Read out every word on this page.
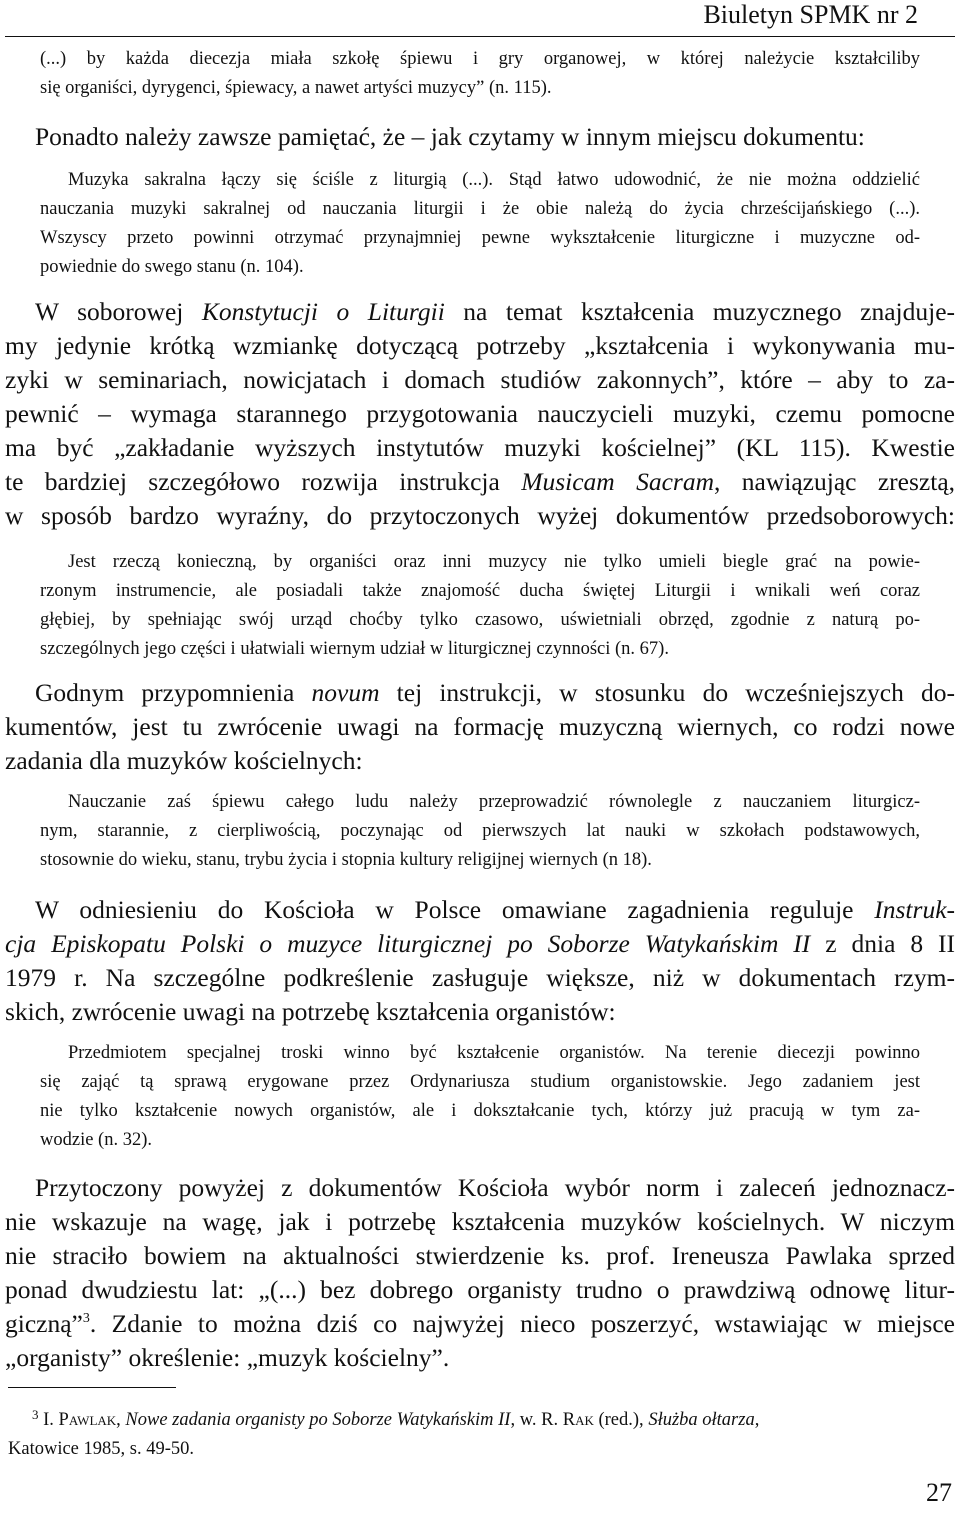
Biuletyn SPMK nr 2
(...) by każda diecezja miała szkołę śpiewu i gry organowej, w której należycie kształciliby
się organiści, dyrygenci, śpiewacy, a nawet artyści muzycy” (n. 115).
Ponadto należy zawsze pamiętać, że – jak czytamy w innym miejscu dokumentu:
Muzyka sakralna łączy się ściśle z liturgią (...). Stąd łatwo udowodnić, że nie można oddzielić
nauczania muzyki sakralnej od nauczania liturgii i że obie należą do życia chrześcijańskiego (...).
Wszyscy przeto powinni otrzymać przynajmniej pewne wykształcenie liturgiczne i muzyczne od-
powiednie do swego stanu (n. 104).
W soborowej Konstytucji o Liturgii na temat kształcenia muzycznego znajduje-
my jedynie krótką wzmiankę dotyczącą potrzeby „kształcenia i wykonywania mu-
zyki w seminariach, nowicjatach i domach studiów zakonnych”, które – aby to za-
pewnić – wymaga starannego przygotowania nauczycieli muzyki, czemu pomocne
ma być „zakładanie wyższych instytutów muzyki kościelnej” (KL 115). Kwestie
te bardziej szczegółowo rozwija instrukcja Musicam Sacram, nawiązując zresztą,
w sposób bardzo wyraźny, do przytoczonych wyżej dokumentów przedsoborowych:
Jest rzeczą konieczną, by organiści oraz inni muzycy nie tylko umieli biegle grać na powie-
rzonym instrumencie, ale posiadali także znajomość ducha świętej Liturgii i wnikali weń coraz
głębiej, by spełniając swój urząd choćby tylko czasowo, uświetniali obrzęd, zgodnie z naturą po-
szczególnych jego części i ułatwiali wiernym udział w liturgicznej czynności (n. 67).
Godnym przypomnienia novum tej instrukcji, w stosunku do wcześniejszych do-
kumentów, jest tu zwrócenie uwagi na formację muzyczną wiernych, co rodzi nowe
zadania dla muzyków kościelnych:
Nauczanie zaś śpiewu całego ludu należy przeprowadzić równolegle z nauczaniem liturgicz-
nym, starannie, z cierpliwością, poczynając od pierwszych lat nauki w szkołach podstawowych,
stosownie do wieku, stanu, trybu życia i stopnia kultury religijnej wiernych (n 18).
W odniesieniu do Kościoła w Polsce omawiane zagadnienia reguluje Instruk-
cja Episkopatu Polski o muzyce liturgicznej po Soborze Watykańskim II z dnia 8 II
1979 r. Na szczególne podkreślenie zasługuje większe, niż w dokumentach rzym-
skich, zwrócenie uwagi na potrzebę kształcenia organistów:
Przedmiotem specjalnej troski winno być kształcenie organistów. Na terenie diecezji powinno
się zająć tą sprawą erygowane przez Ordynariusza studium organistowskie. Jego zadaniem jest
nie tylko kształcenie nowych organistów, ale i dokształcanie tych, którzy już pracują w tym za-
wodzie (n. 32).
Przytoczony powyżej z dokumentów Kościoła wybór norm i zaleceń jednoznacz-
nie wskazuje na wagę, jak i potrzebę kształcenia muzyków kościelnych. W niczym
nie straciło bowiem na aktualności stwierdzenie ks. prof. Ireneusza Pawlaka sprzed
ponad dwudziestu lat: „(...) bez dobrego organisty trudno o prawdziwą odnowę litur-
giczną”$^3$. Zdanie to można dziś co najwyżej nieco poszerzyć, wstawiając w miejsce
„organisty” określenie: „muzyk kościelny”.
$^3$ I. Pawlak, Nowe zadania organisty po Soborze Watykańskim II, w. R. Rak (red.), Służba ołtarza,
Katowice 1985, s. 49-50.
27
